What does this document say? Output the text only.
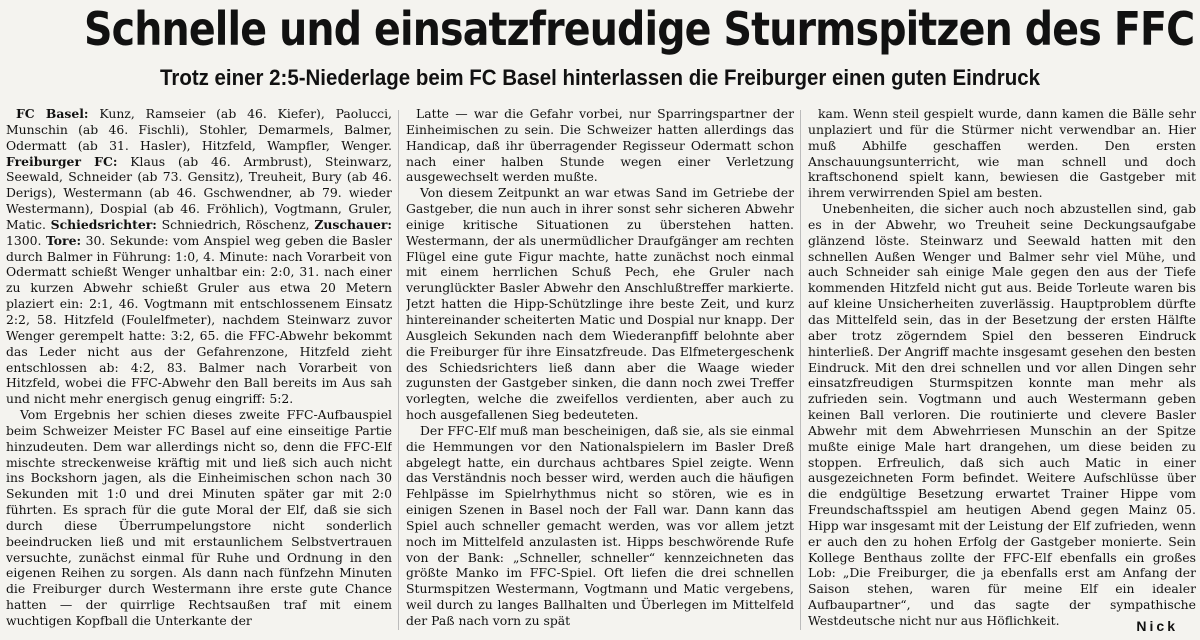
Schnelle und einsatzfreudige Sturmspitzen des FFC
Trotz einer 2:5-Niederlage beim FC Basel hinterlassen die Freiburger einen guten Eindruck

FC Basel: Kunz, Ramseier (ab 46. Kiefer), Paolucci, Munschin (ab 46. Fischli), Stohler, Demarmels, Balmer, Odermatt (ab 31. Hasler), Hitzfeld, Wampfler, Wenger. Freiburger FC: Klaus (ab 46. Armbrust), Steinwarz, Seewald, Schneider (ab 73. Gensitz), Treuheit, Bury (ab 46. Derigs), Westermann (ab 46. Gschwendner, ab 79. wieder Westermann), Dospial (ab 46. Fröhlich), Vogtmann, Gruler, Matic. Schiedsrichter: Schniedrich, Röschenz, Zuschauer: 1300. Tore: 30. Sekunde: vom Anspiel weg geben die Basler durch Balmer in Führung: 1:0, 4. Minute: nach Vorarbeit von Odermatt schießt Wenger unhaltbar ein: 2:0, 31. nach einer zu kurzen Abwehr schießt Gruler aus etwa 20 Metern plaziert ein: 2:1, 46. Vogtmann mit entschlossenem Einsatz 2:2, 58. Hitzfeld (Foulelfmeter), nachdem Steinwarz zuvor Wenger gerempelt hatte: 3:2, 65. die FFC-Abwehr bekommt das Leder nicht aus der Gefahrenzone, Hitzfeld zieht entschlossen ab: 4:2, 83. Balmer nach Vorarbeit von Hitzfeld, wobei die FFC-Abwehr den Ball bereits im Aus sah und nicht mehr energisch genug eingriff: 5:2.

Vom Ergebnis her schien dieses zweite FFC-Aufbauspiel beim Schweizer Meister FC Basel auf eine einseitige Partie hinzudeuten. Dem war allerdings nicht so, denn die FFC-Elf mischte streckenweise kräftig mit und ließ sich auch nicht ins Bockshorn jagen, als die Einheimischen schon nach 30 Sekunden mit 1:0 und drei Minuten später gar mit 2:0 führten. Es sprach für die gute Moral der Elf, daß sie sich durch diese Überrumpelungstore nicht sonderlich beeindrucken ließ und mit erstaunlichem Selbstvertrauen versuchte, zunächst einmal für Ruhe und Ordnung in den eigenen Reihen zu sorgen. Als dann nach fünfzehn Minuten die Freiburger durch Westermann ihre erste gute Chance hatten — der quirrlige Rechtsaußen traf mit einem wuchtigen Kopfball die Unterkante der

Latte — war die Gefahr vorbei, nur Sparringspartner der Einheimischen zu sein. Die Schweizer hatten allerdings das Handicap, daß ihr überragender Regisseur Odermatt schon nach einer halben Stunde wegen einer Verletzung ausgewechselt werden mußte.

Von diesem Zeitpunkt an war etwas Sand im Getriebe der Gastgeber, die nun auch in ihrer sonst sehr sicheren Abwehr einige kritische Situationen zu überstehen hatten. Westermann, der als unermüdlicher Draufgänger am rechten Flügel eine gute Figur machte, hatte zunächst noch einmal mit einem herrlichen Schuß Pech, ehe Gruler nach verunglückter Basler Abwehr den Anschlußtreffer markierte. Jetzt hatten die Hipp-Schützlinge ihre beste Zeit, und kurz hintereinander scheiterten Matic und Dospial nur knapp. Der Ausgleich Sekunden nach dem Wiederanpfiff belohnte aber die Freiburger für ihre Einsatzfreude. Das Elfmetergeschenk des Schiedsrichters ließ dann aber die Waage wieder zugunsten der Gastgeber sinken, die dann noch zwei Treffer vorlegten, welche die zweifellos verdienten, aber auch zu hoch ausgefallenen Sieg bedeuteten.

Der FFC-Elf muß man bescheinigen, daß sie, als sie einmal die Hemmungen vor den Nationalspielern im Basler Dreß abgelegt hatte, ein durchaus achtbares Spiel zeigte. Wenn das Verständnis noch besser wird, werden auch die häufigen Fehlpässe im Spielrhythmus nicht so stören, wie es in einigen Szenen in Basel noch der Fall war. Dann kann das Spiel auch schneller gemacht werden, was vor allem jetzt noch im Mittelfeld anzulasten ist. Hipps beschwörende Rufe von der Bank: „Schneller, schneller“ kennzeichneten das größte Manko im FFC-Spiel. Oft liefen die drei schnellen Sturmspitzen Westermann, Vogtmann und Matic vergebens, weil durch zu langes Ballhalten und Überlegen im Mittelfeld der Paß nach vorn zu spät

kam. Wenn steil gespielt wurde, dann kamen die Bälle sehr unplaziert und für die Stürmer nicht verwendbar an. Hier muß Abhilfe geschaffen werden. Den ersten Anschauungsunterricht, wie man schnell und doch kraftschonend spielt kann, bewiesen die Gastgeber mit ihrem verwirrenden Spiel am besten.

Unebenheiten, die sicher auch noch abzustellen sind, gab es in der Abwehr, wo Treuheit seine Deckungsaufgabe glänzend löste. Steinwarz und Seewald hatten mit den schnellen Außen Wenger und Balmer sehr viel Mühe, und auch Schneider sah einige Male gegen den aus der Tiefe kommenden Hitzfeld nicht gut aus. Beide Torleute waren bis auf kleine Unsicherheiten zuverlässig. Hauptproblem dürfte das Mittelfeld sein, das in der Besetzung der ersten Hälfte aber trotz zögerndem Spiel den besseren Eindruck hinterließ. Der Angriff machte insgesamt gesehen den besten Eindruck. Mit den drei schnellen und vor allen Dingen sehr einsatzfreudigen Sturmspitzen konnte man mehr als zufrieden sein. Vogtmann und auch Westermann geben keinen Ball verloren. Die routinierte und clevere Basler Abwehr mit dem Abwehrriesen Munschin an der Spitze mußte einige Male hart drangehen, um diese beiden zu stoppen. Erfreulich, daß sich auch Matic in einer ausgezeichneten Form befindet. Weitere Aufschlüsse über die endgültige Besetzung erwartet Trainer Hippe vom Freundschaftsspiel am heutigen Abend gegen Mainz 05. Hipp war insgesamt mit der Leistung der Elf zufrieden, wenn er auch den zu hohen Erfolg der Gastgeber monierte. Sein Kollege Benthaus zollte der FFC-Elf ebenfalls ein großes Lob: „Die Freiburger, die ja ebenfalls erst am Anfang der Saison stehen, waren für meine Elf ein idealer Aufbaupartner“, und das sagte der sympathische Westdeutsche nicht nur aus Höflichkeit.	Nick
